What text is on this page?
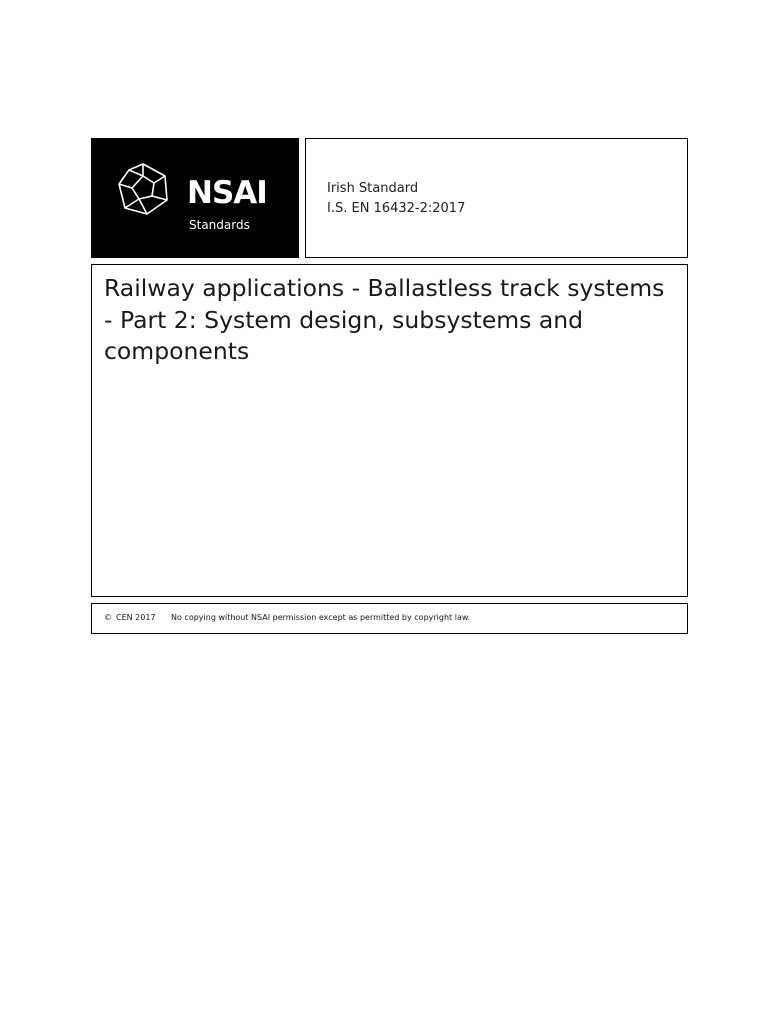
NSAI
Standards
Irish Standard
I.S. EN 16432-2:2017
Railway applications - Ballastless track systems - Part 2: System design, subsystems and components
© CEN 2017 No copying without NSAI permission except as permitted by copyright law.
